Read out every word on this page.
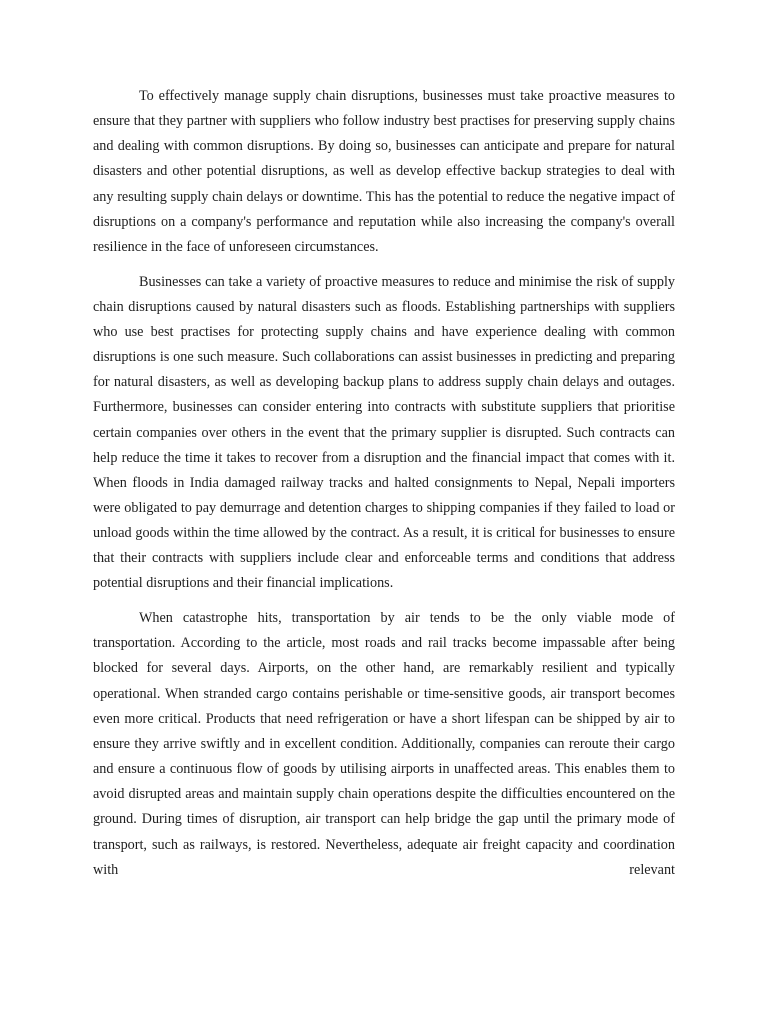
To effectively manage supply chain disruptions, businesses must take proactive measures to ensure that they partner with suppliers who follow industry best practises for preserving supply chains and dealing with common disruptions. By doing so, businesses can anticipate and prepare for natural disasters and other potential disruptions, as well as develop effective backup strategies to deal with any resulting supply chain delays or downtime. This has the potential to reduce the negative impact of disruptions on a company's performance and reputation while also increasing the company's overall resilience in the face of unforeseen circumstances.

Businesses can take a variety of proactive measures to reduce and minimise the risk of supply chain disruptions caused by natural disasters such as floods. Establishing partnerships with suppliers who use best practises for protecting supply chains and have experience dealing with common disruptions is one such measure. Such collaborations can assist businesses in predicting and preparing for natural disasters, as well as developing backup plans to address supply chain delays and outages. Furthermore, businesses can consider entering into contracts with substitute suppliers that prioritise certain companies over others in the event that the primary supplier is disrupted. Such contracts can help reduce the time it takes to recover from a disruption and the financial impact that comes with it. When floods in India damaged railway tracks and halted consignments to Nepal, Nepali importers were obligated to pay demurrage and detention charges to shipping companies if they failed to load or unload goods within the time allowed by the contract. As a result, it is critical for businesses to ensure that their contracts with suppliers include clear and enforceable terms and conditions that address potential disruptions and their financial implications.

When catastrophe hits, transportation by air tends to be the only viable mode of transportation. According to the article, most roads and rail tracks become impassable after being blocked for several days. Airports, on the other hand, are remarkably resilient and typically operational. When stranded cargo contains perishable or time-sensitive goods, air transport becomes even more critical. Products that need refrigeration or have a short lifespan can be shipped by air to ensure they arrive swiftly and in excellent condition. Additionally, companies can reroute their cargo and ensure a continuous flow of goods by utilising airports in unaffected areas. This enables them to avoid disrupted areas and maintain supply chain operations despite the difficulties encountered on the ground. During times of disruption, air transport can help bridge the gap until the primary mode of transport, such as railways, is restored. Nevertheless, adequate air freight capacity and coordination with relevant
